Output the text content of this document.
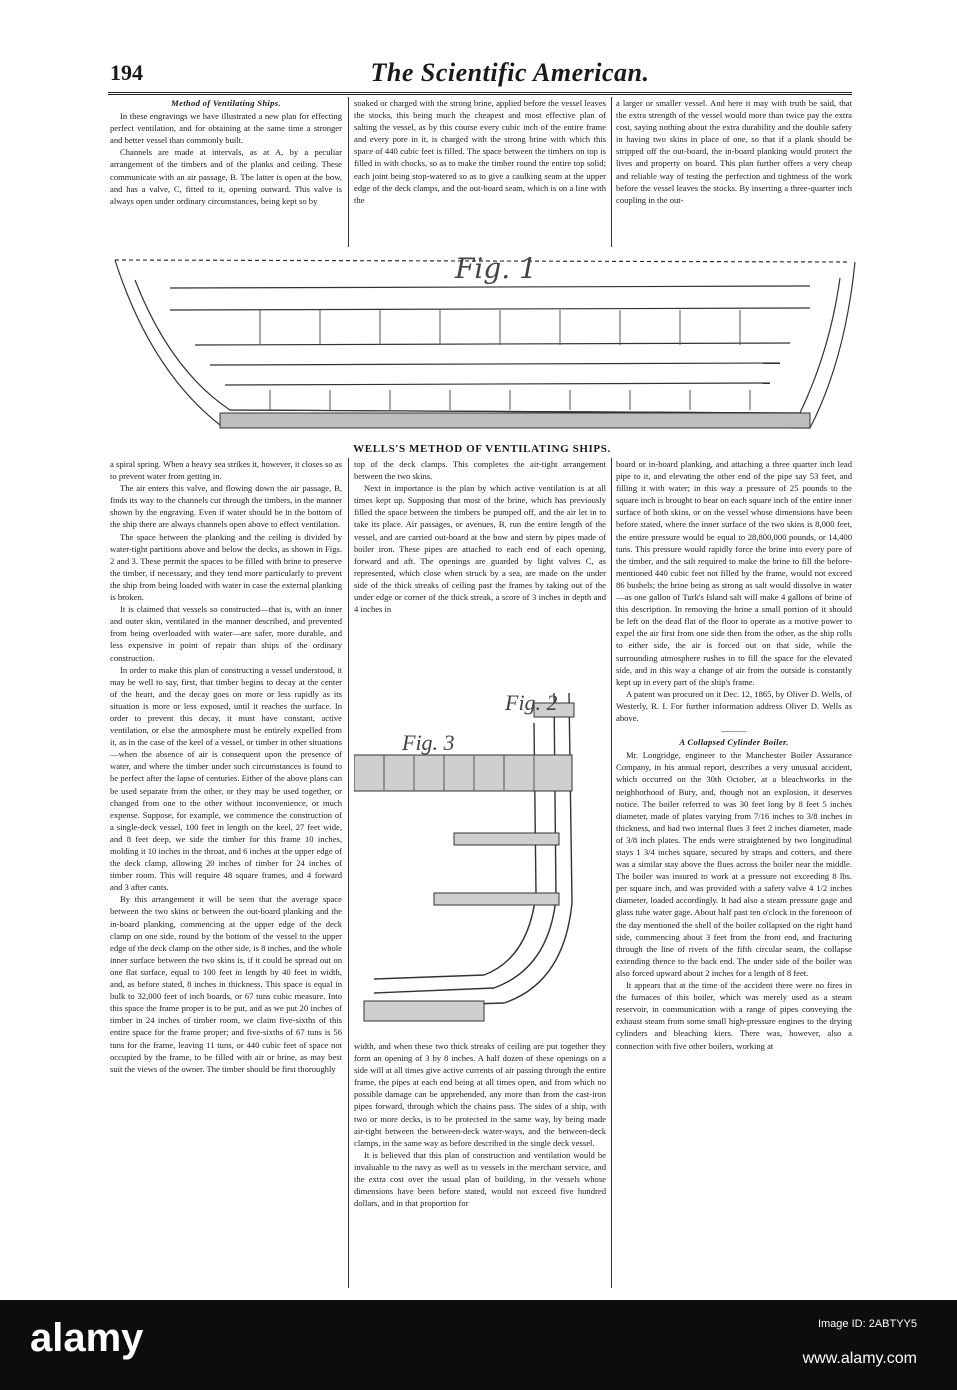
194	The Scientific American.
Method of Ventilating Ships.

In these engravings we have illustrated a new plan for effecting perfect ventilation, and for obtaining at the same time a stronger and better vessel than commonly built.

Channels are made at intervals, as at A, by a peculiar arrangement of the timbers and of the planks and ceiling. These communicate with an air passage, B. The latter is open at the bow, and has a valve, C, fitted to it, opening outward. This valve is always open under ordinary circumstances, being kept so by

soaked or charged with the strong brine, applied before the vessel leaves the stocks, this being much the cheapest and most effective plan of salting the vessel, as by this course every cubic inch of the entire frame and every pore in it, is charged with the strong brine with which this space of 440 cubic feet is filled. The space between the timbers on top is filled in with chocks, so as to make the timber round the entire top solid; each joint being stop-watered so as to give a caulking seam at the upper edge of the deck clamps, and the out-board seam, which is on a line with the

a larger or smaller vessel. And here it may with truth be said, that the extra strength of the vessel would more than twice pay the extra cost, saying nothing about the extra durability and the double safety in having two skins in place of one, so that if a plank should be stripped off the out-board, the in-board planking would protect the lives and property on board. This plan further offers a very cheap and reliable way of testing the perfection and tightness of the work before the vessel leaves the stocks. By inserting a three-quarter inch coupling in the out-

Fig. 1
WELLS'S METHOD OF VENTILATING SHIPS.

a spiral spring. When a heavy sea strikes it, however, it closes so as to prevent water from getting in.

The air enters this valve, and flowing down the air passage, B, finds its way to the channels cut through the timbers, in the manner shown by the engraving. Even if water should be in the bottom of the ship there are always channels open above to effect ventilation.

The space between the planking and the ceiling is divided by water-tight partitions above and below the decks, as shown in Figs. 2 and 3. These permit the spaces to be filled with brine to preserve the timber, if necessary, and they tend more particularly to prevent the ship from being loaded with water in case the external planking is broken.

It is claimed that vessels so constructed—that is, with an inner and outer skin, ventilated in the manner described, and prevented from being overloaded with water—are safer, more durable, and less expensive in point of repair than ships of the ordinary construction.

In order to make this plan of constructing a vessel understood, it may be well to say, first, that timber begins to decay at the center of the heart, and the decay goes on more or less rapidly as its situation is more or less exposed, until it reaches the surface. In order to prevent this decay, it must have constant, active ventilation, or else the atmosphere must be entirely expelled from it, as in the case of the keel of a vessel, or timber in other situations—when the absence of air is consequent upon the presence of water, and where the timber under such circumstances is found to be perfect after the lapse of centuries. Either of the above plans can be used separate from the other, or they may be used together, or changed from one to the other without inconvenience, or much expense. Suppose, for example, we commence the construction of a single-deck vessel, 100 feet in length on the keel, 27 feet wide, and 8 feet deep, we side the timber for this frame 10 inches, molding it 10 inches in the throat, and 6 inches at the upper edge of the deck clamp, allowing 20 inches of timber for 24 inches of timber room. This will require 48 square frames, and 4 forward and 3 after cants.

By this arrangement it will be seen that the average space between the two skins or between the out-board planking and the in-board planking, commencing at the upper edge of the deck clamp on one side, round by the bottom of the vessel to the upper edge of the deck clamp on the other side, is 8 inches, and the whole inner surface between the two skins is, if it could be spread out on one flat surface, equal to 100 feet in length by 40 feet in width, and, as before stated, 8 inches in thickness. This space is equal in bulk to 32,000 feet of inch boards, or 67 tuns cubic measure. Into this space the frame proper is to be put, and as we put 20 inches of timber in 24 inches of timber room, we claim five-sixths of this entire space for the frame proper; and five-sixths of 67 tuns is 56 tuns for the frame, leaving 11 tuns, or 440 cubic feet of space not occupied by the frame, to be filled with air or brine, as may best suit the views of the owner. The timber should be first thoroughly

top of the deck clamps. This completes the air-tight arrangement between the two skins.

Next in importance is the plan by which active ventilation is at all times kept up. Supposing that most of the brine, which has previously filled the space between the timbers be pumped off, and the air let in to take its place. Air passages, or avenues, B, run the entire length of the vessel, and are carried out-board at the bow and stern by pipes made of boiler iron. These pipes are attached to each end of each opening, forward and aft. The openings are guarded by light valves C, as represented, which close when struck by a sea, are made on the under side of the thick streaks of ceiling past the frames by taking out of the under edge or corner of the thick streak, a score of 3 inches in depth and 4 inches in

Fig. 2
Fig. 3

width, and when these two thick streaks of ceiling are put together they form an opening of 3 by 8 inches. A half dozen of these openings on a side will at all times give active currents of air passing through the entire frame, the pipes at each end being at all times open, and from which no possible damage can be apprehended, any more than from the cast-iron pipes forward, through which the chains pass. The sides of a ship, with two or more decks, is to be protected in the same way, by being made air-tight between the between-deck water-ways, and the between-deck clamps, in the same way as before described in the single deck vessel.

It is believed that this plan of construction and ventilation would be invaluable to the navy as well as to vessels in the merchant service, and the extra cost over the usual plan of building, in the vessels whose dimensions have been before stated, would not exceed five hundred dollars, and in that proportion for

board or in-board planking, and attaching a three quarter inch lead pipe to it, and elevating the other end of the pipe say 53 feet, and filling it with water; in this way a pressure of 25 pounds to the square inch is brought to bear on each square inch of the entire inner surface of both skins, or on the vessel whose dimensions have been before stated, where the inner surface of the two skins is 8,000 feet, the entire pressure would be equal to 28,800,000 pounds, or 14,400 tuns. This pressure would rapidly force the brine into every pore of the timber, and the salt required to make the brine to fill the before-mentioned 440 cubic feet not filled by the frame, would not exceed 86 bushels; the brine being as strong as salt would dissolve in water—as one gallon of Turk's Island salt will make 4 gallons of brine of this description. In removing the brine a small portion of it should be left on the dead flat of the floor to operate as a motive power to expel the air first from one side then from the other, as the ship rolls to either side, the air is forced out on that side, while the surrounding atmosphere rushes in to fill the space for the elevated side, and in this way a change of air from the outside is constantly kept up in every part of the ship's frame.

A patent was procured on it Dec. 12, 1865, by Oliver D. Wells, of Westerly, R. I. For further information address Oliver D. Wells as above.

———

A Collapsed Cylinder Boiler.

Mr. Longridge, engineer to the Manchester Boiler Assurance Company, in his annual report, describes a very unusual accident, which occurred on the 30th October, at a bleachworks in the neighborhood of Bury, and, though not an explosion, it deserves notice. The boiler referred to was 30 feet long by 8 feet 5 inches diameter, made of plates varying from 7/16 inches to 3/8 inches in thickness, and had two internal flues 3 feet 2 inches diameter, made of 3/8 inch plates. The ends were straightened by two longitudinal stays 1 3/4 inches square, secured by straps and cotters, and there was a similar stay above the flues across the boiler near the middle. The boiler was insured to work at a pressure not exceeding 8 lbs. per square inch, and was provided with a safety valve 4 1/2 inches diameter, loaded accordingly. It had also a steam pressure gage and glass tube water gage. About half past ten o'clock in the forenoon of the day mentioned the shell of the boiler collapsed on the right hand side, commencing about 3 feet from the front end, and fracturing through the line of rivets of the fifth circular seam, the collapse extending thence to the back end. The under side of the boiler was also forced upward about 2 inches for a length of 8 feet.

It appears that at the time of the accident there were no fires in the furnaces of this boiler, which was merely used as a steam reservoir, in communication with a range of pipes conveying the exhaust steam from some small high-pressure engines to the drying cylinders and bleaching kiers. There was, however, also a connection with five other boilers, working at

alamy	Image ID: 2ABTYY5
www.alamy.com
